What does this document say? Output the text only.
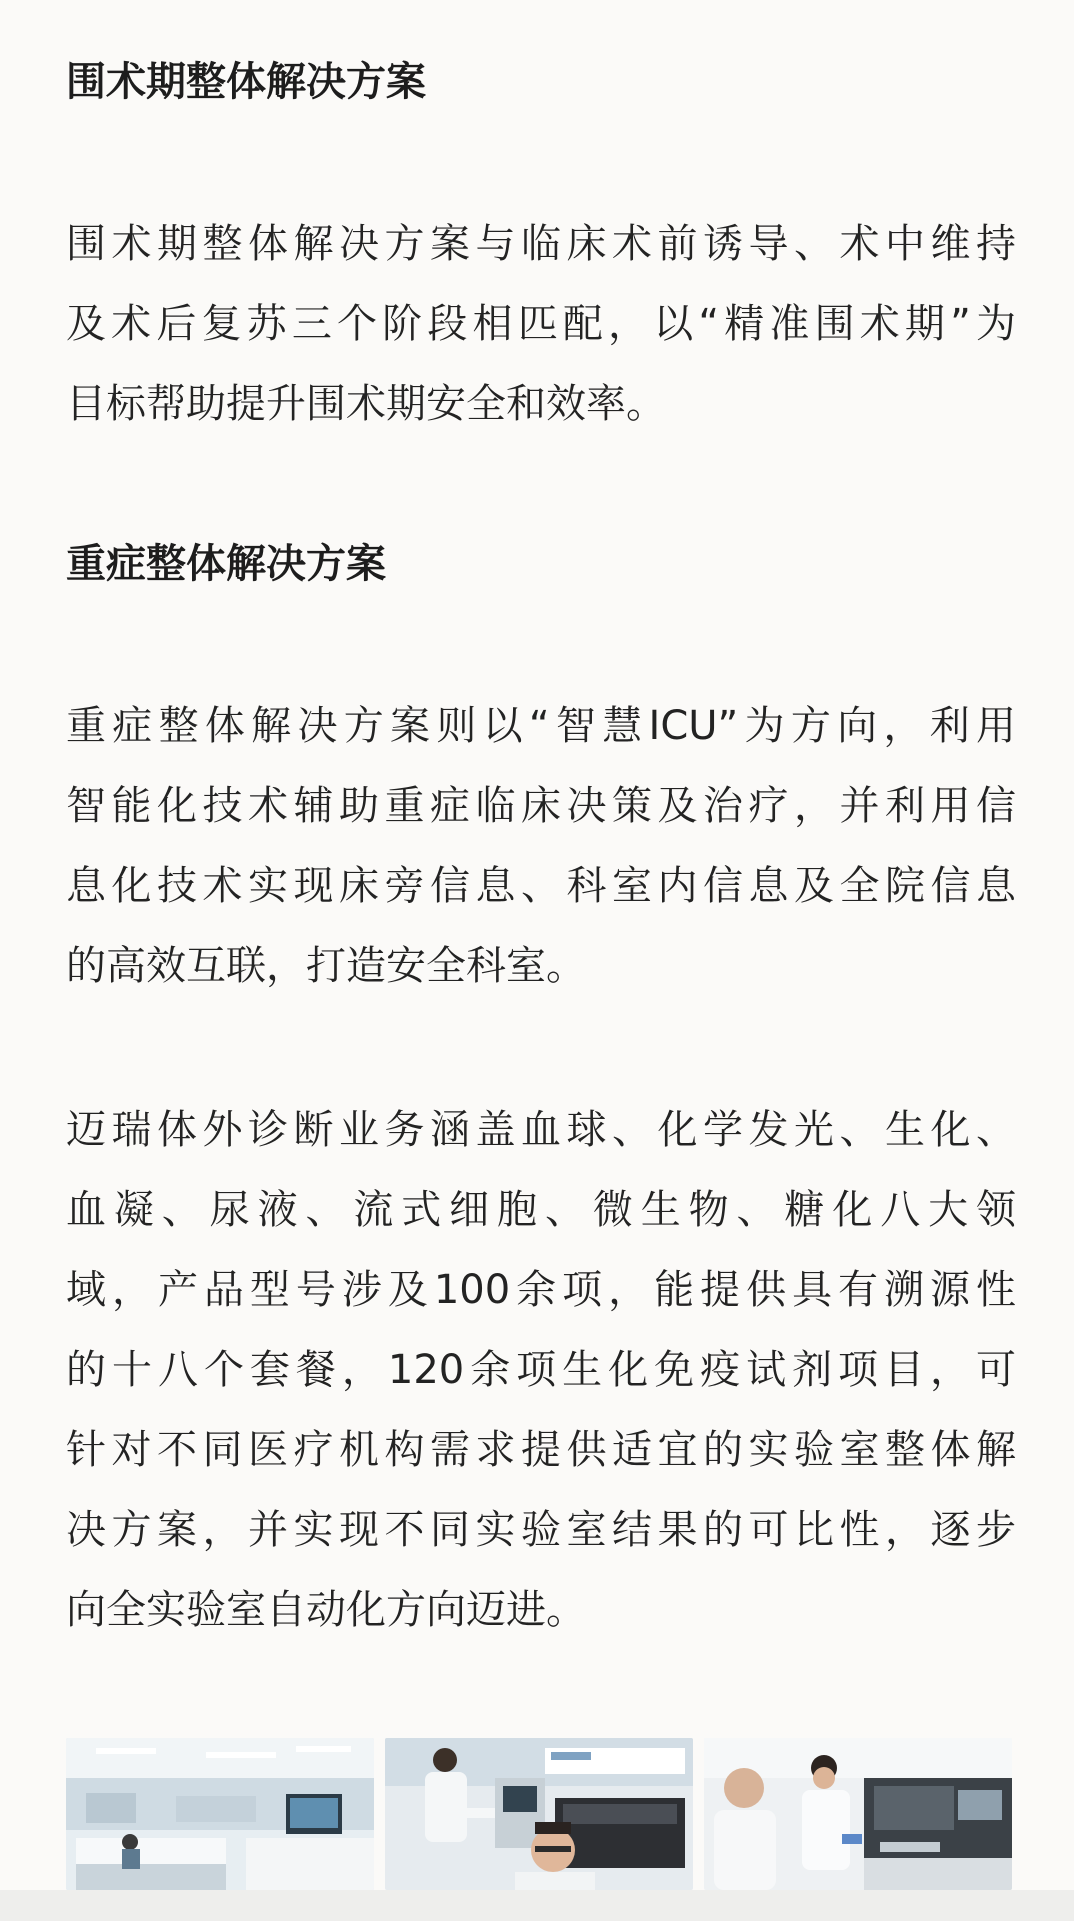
围术期整体解决方案

围术期整体解决方案与临床术前诱导、术中维持
及术后复苏三个阶段相匹配，以“精准围术期”为
目标帮助提升围术期安全和效率。

重症整体解决方案

重症整体解决方案则以“智慧ICU”为方向，利用
智能化技术辅助重症临床决策及治疗，并利用信
息化技术实现床旁信息、科室内信息及全院信息
的高效互联，打造安全科室。

迈瑞体外诊断业务涵盖血球、化学发光、生化、
血凝、尿液、流式细胞、微生物、糖化八大领
域，产品型号涉及100余项，能提供具有溯源性
的十八个套餐，120余项生化免疫试剂项目，可
针对不同医疗机构需求提供适宜的实验室整体解
决方案，并实现不同实验室结果的可比性，逐步
向全实验室自动化方向迈进。
